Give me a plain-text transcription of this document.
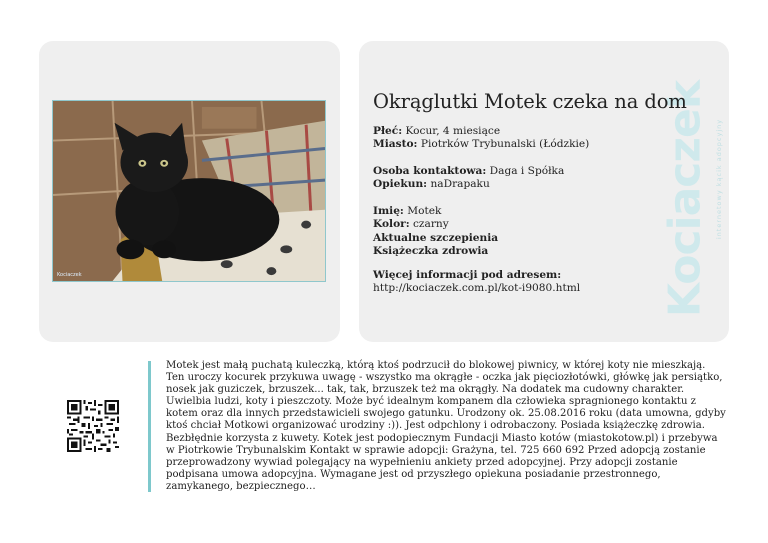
Kociaczek	Kociaczek internetowy kącik adopcyjny
Okrąglutki Motek czeka na dom
Płeć: Kocur, 4 miesiące
Miasto: Piotrków Trybunalski (Łódzkie)
Osoba kontaktowa: Daga i Spółka
Opiekun: naDrapaku
Imię: Motek
Kolor: czarny
Aktualne szczepienia
Książeczka zdrowia
Więcej informacji pod adresem:
http://kociaczek.com.pl/kot-i9080.html

Motek jest małą puchatą kuleczką, którą ktoś podrzucił do blokowej piwnicy, w której koty nie mieszkają. Ten uroczy kocurek przykuwa uwagę - wszystko ma okrągłe - oczka jak pięciozłotówki, główkę jak persiątko, nosek jak guziczek, brzuszek... tak, tak, brzuszek też ma okrągły. Na dodatek ma cudowny charakter. Uwielbia ludzi, koty i pieszczoty. Może być idealnym kompanem dla człowieka spragnionego kontaktu z kotem oraz dla innych przedstawicieli swojego gatunku. Urodzony ok. 25.08.2016 roku (data umowna, gdyby ktoś chciał Motkowi organizować urodziny :)). Jest odpchlony i odrobaczony. Posiada książeczkę zdrowia. Bezbłędnie korzysta z kuwety. Kotek jest podopiecznym Fundacji Miasto kotów (miastokotow.pl) i przebywa w Piotrkowie Trybunalskim Kontakt w sprawie adopcji: Grażyna, tel. 725 660 692 Przed adopcją zostanie przeprowadzony wywiad polegający na wypełnieniu ankiety przed adopcyjnej. Przy adopcji zostanie podpisana umowa adopcyjna. Wymagane jest od przyszłego opiekuna posiadanie przestronnego, zamykanego, bezpiecznego…
